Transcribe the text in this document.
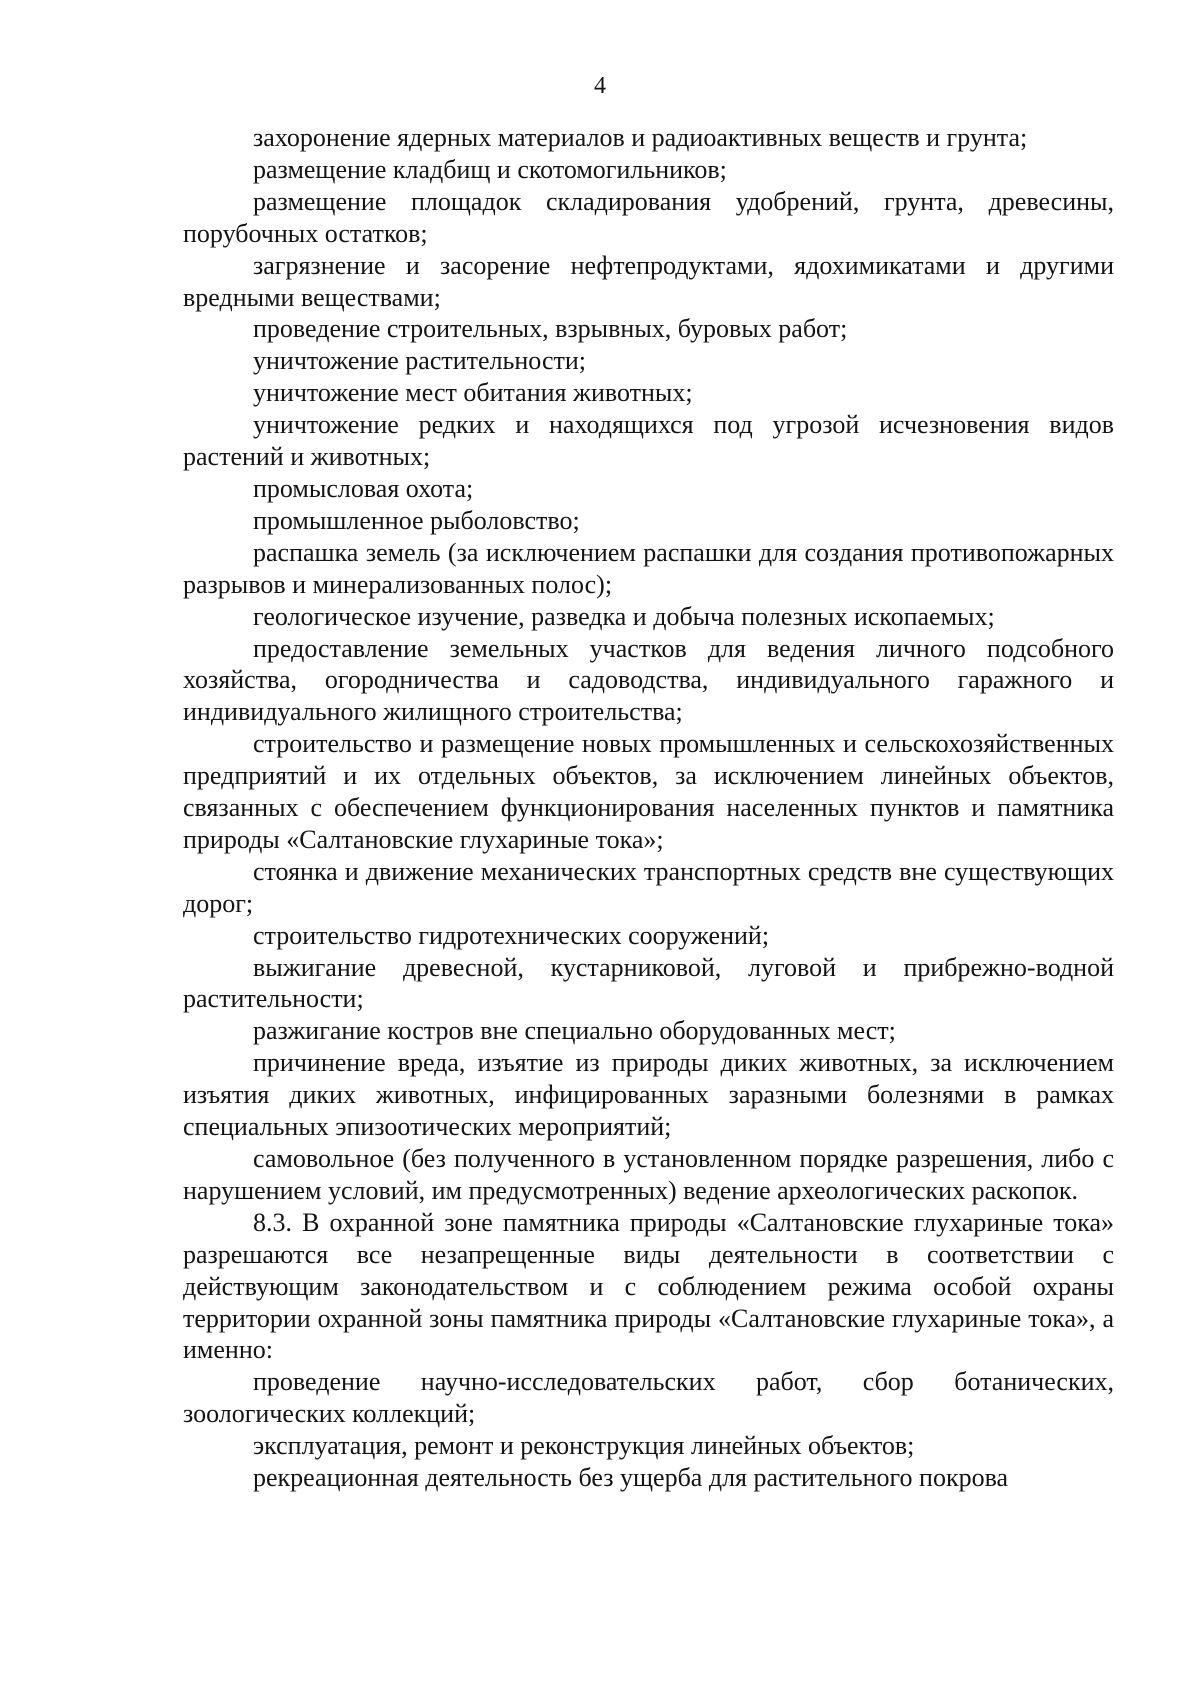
4

захоронение ядерных материалов и радиоактивных веществ и грунта;

размещение кладбищ и скотомогильников;

размещение площадок складирования удобрений, грунта, древесины, порубочных остатков;

загрязнение и засорение нефтепродуктами, ядохимикатами и другими вредными веществами;

проведение строительных, взрывных, буровых работ;

уничтожение растительности;

уничтожение мест обитания животных;

уничтожение редких и находящихся под угрозой исчезновения видов растений и животных;

промысловая охота;

промышленное рыболовство;

распашка земель (за исключением распашки для создания противопожарных разрывов и минерализованных полос);

геологическое изучение, разведка и добыча полезных ископаемых;

предоставление земельных участков для ведения личного подсобного хозяйства, огородничества и садоводства, индивидуального гаражного и индивидуального жилищного строительства;

строительство и размещение новых промышленных и сельскохозяйственных предприятий и их отдельных объектов, за исключением линейных объектов, связанных с обеспечением функционирования населенных пунктов и памятника природы «Салтановские глухариные тока»;

стоянка и движение механических транспортных средств вне существующих дорог;

строительство гидротехнических сооружений;

выжигание древесной, кустарниковой, луговой и прибрежно-водной растительности;

разжигание костров вне специально оборудованных мест;

причинение вреда, изъятие из природы диких животных, за исключением изъятия диких животных, инфицированных заразными болезнями в рамках специальных эпизоотических мероприятий;

самовольное (без полученного в установленном порядке разрешения, либо с нарушением условий, им предусмотренных) ведение археологических раскопок.

8.3. В охранной зоне памятника природы «Салтановские глухариные тока» разрешаются все незапрещенные виды деятельности в соответствии с действующим законодательством и с соблюдением режима особой охраны территории охранной зоны памятника природы «Салтановские глухариные тока», а именно:

проведение научно-исследовательских работ, сбор ботанических, зоологических коллекций;

эксплуатация, ремонт и реконструкция линейных объектов;

рекреационная деятельность без ущерба для растительного покрова
